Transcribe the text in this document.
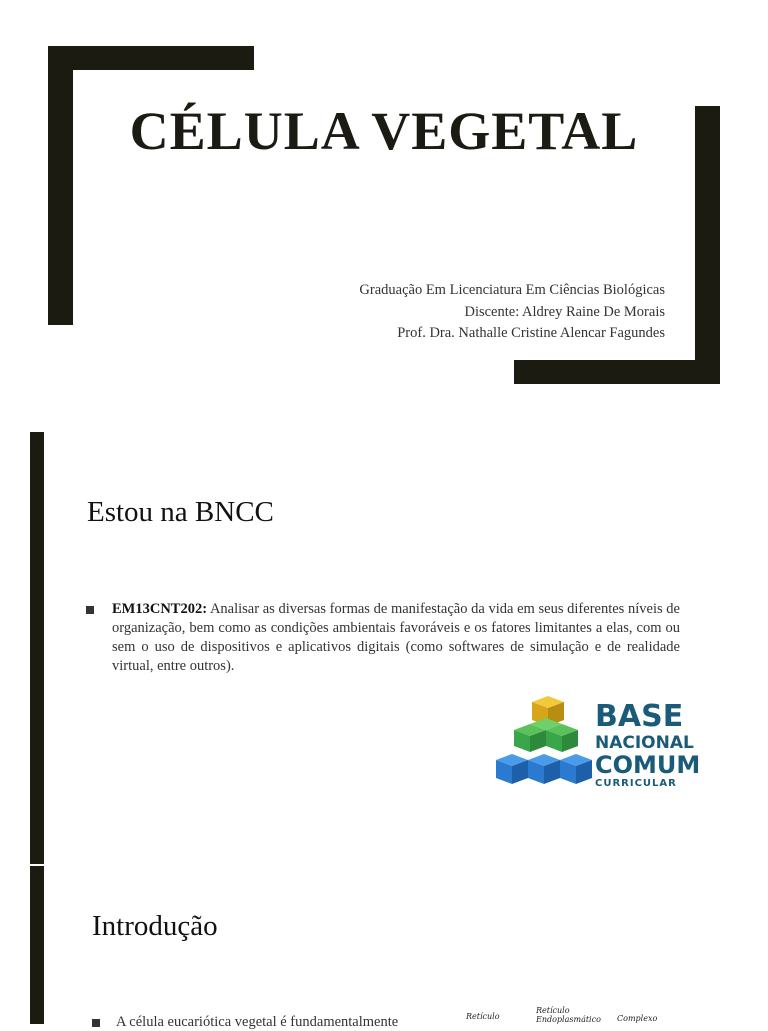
CÉLULA VEGETAL
Graduação Em Licenciatura Em Ciências Biológicas
Discente: Aldrey Raine De Morais
Prof. Dra. Nathalle Cristine Alencar Fagundes
Estou na BNCC
EM13CNT202: Analisar as diversas formas de manifestação da vida em seus diferentes níveis de organização, bem como as condições ambientais favoráveis e os fatores limitantes a elas, com ou sem o uso de dispositivos e aplicativos digitais (como softwares de simulação e de realidade virtual, entre outros).
BASE
NACIONAL
COMUM
CURRICULAR
Introdução
A célula eucariótica vegetal é fundamentalmente	Retículo
Retículo
Endoplasmático Complexo
